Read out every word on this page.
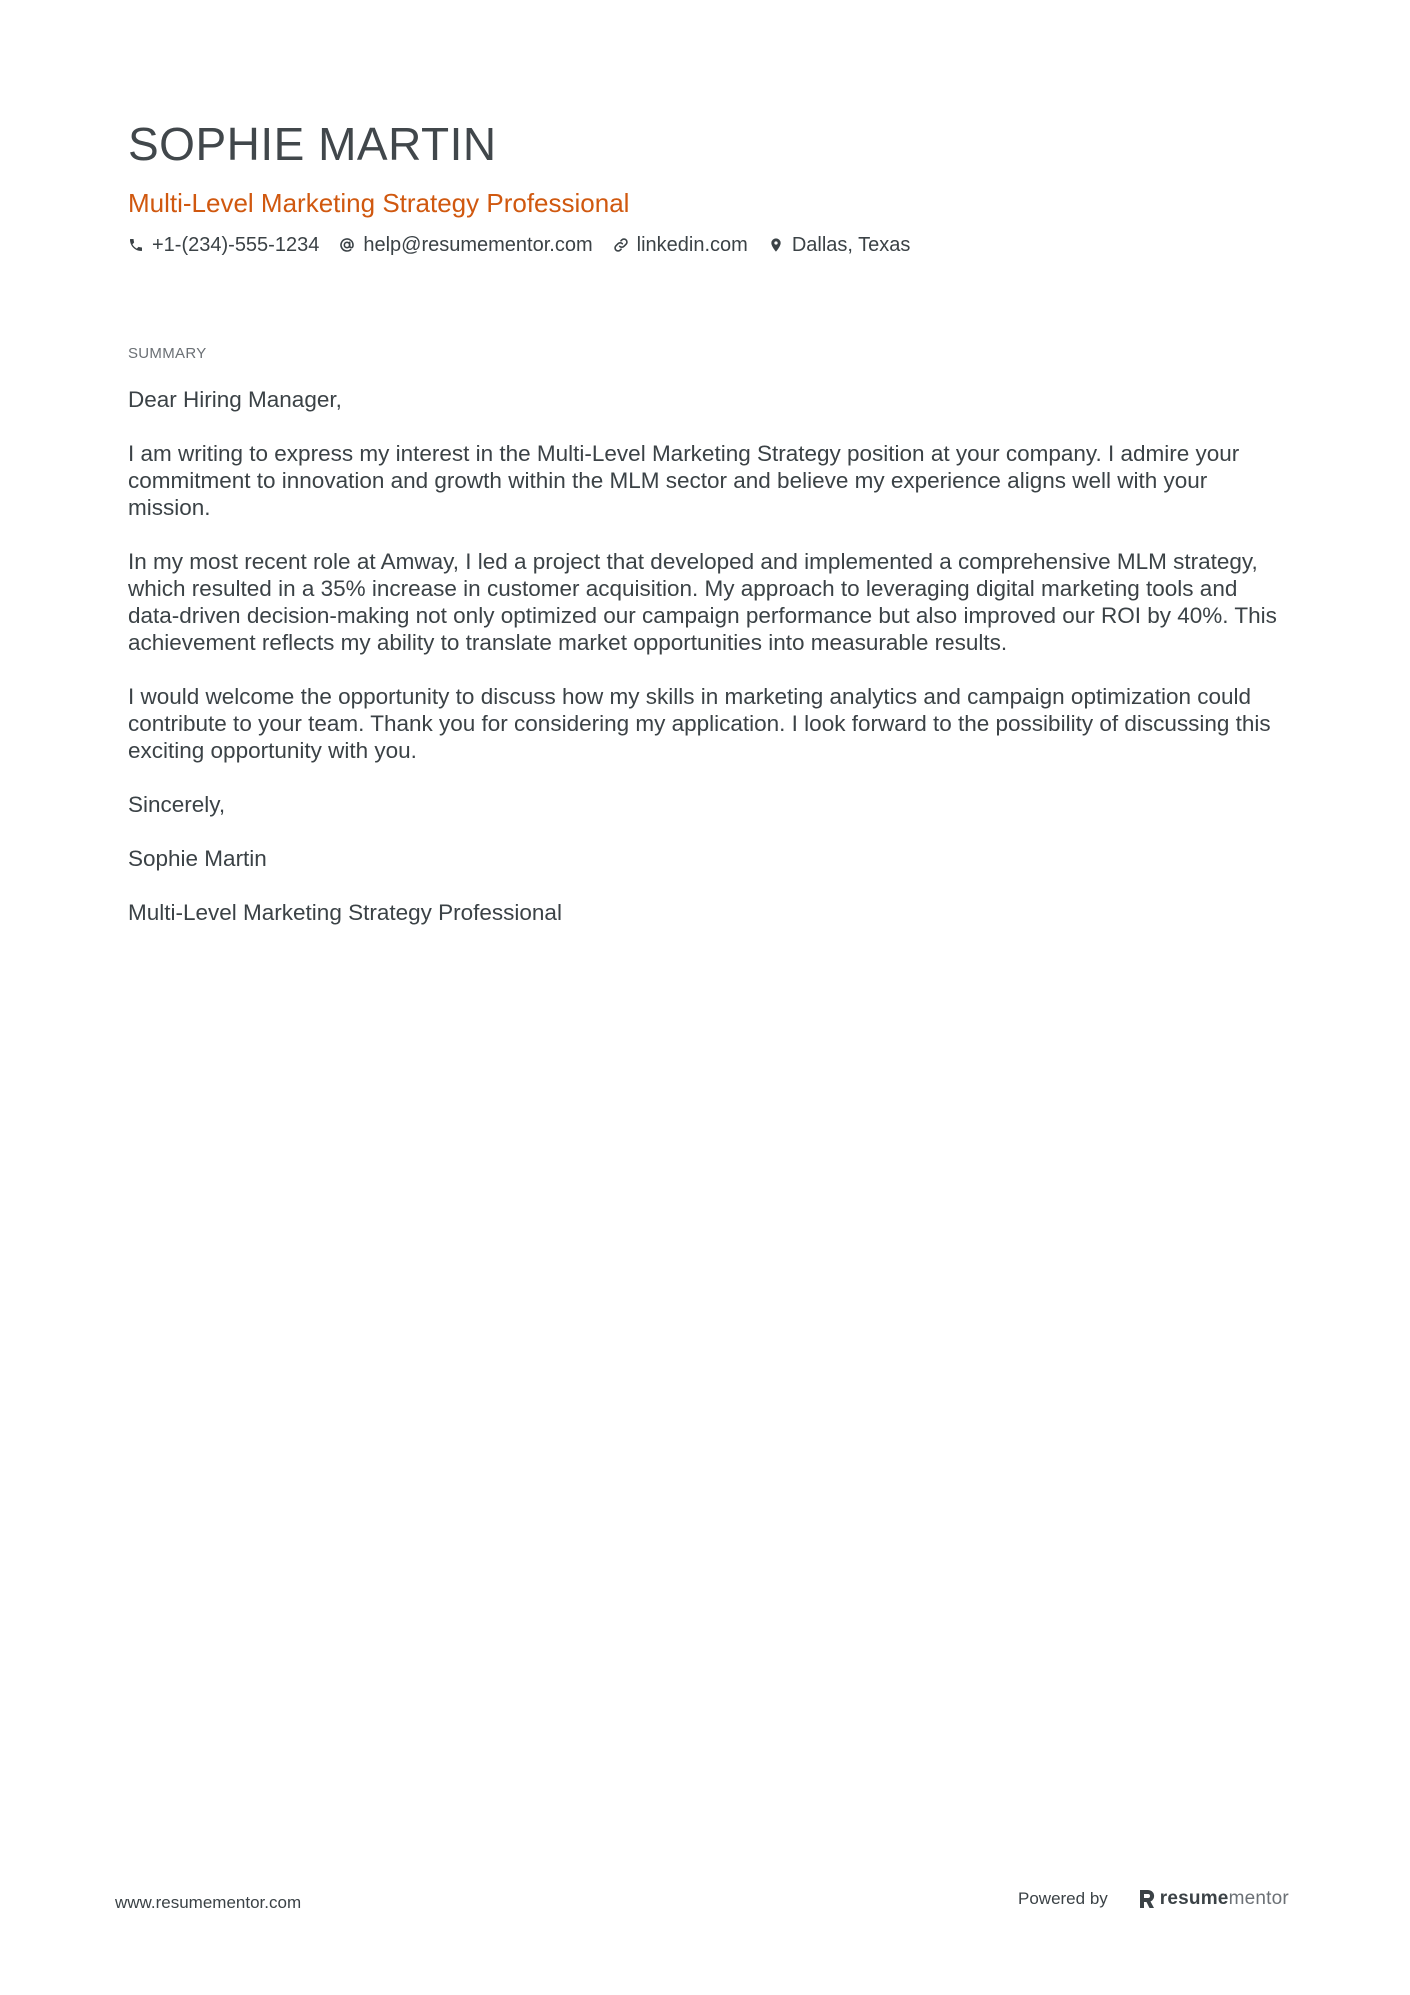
SOPHIE MARTIN
Multi-Level Marketing Strategy Professional
+1-(234)-555-1234 help@resumementor.com linkedin.com Dallas, Texas
SUMMARY

Dear Hiring Manager,

I am writing to express my interest in the Multi-Level Marketing Strategy position at your company. I admire your commitment to innovation and growth within the MLM sector and believe my experience aligns well with your mission.

In my most recent role at Amway, I led a project that developed and implemented a comprehensive MLM strategy, which resulted in a 35% increase in customer acquisition. My approach to leveraging digital marketing tools and data-driven decision-making not only optimized our campaign performance but also improved our ROI by 40%. This achievement reflects my ability to translate market opportunities into measurable results.

I would welcome the opportunity to discuss how my skills in marketing analytics and campaign optimization could contribute to your team. Thank you for considering my application. I look forward to the possibility of discussing this exciting opportunity with you.

Sincerely,

Sophie Martin

Multi-Level Marketing Strategy Professional

www.resumementor.com	Powered by	resume mentor
